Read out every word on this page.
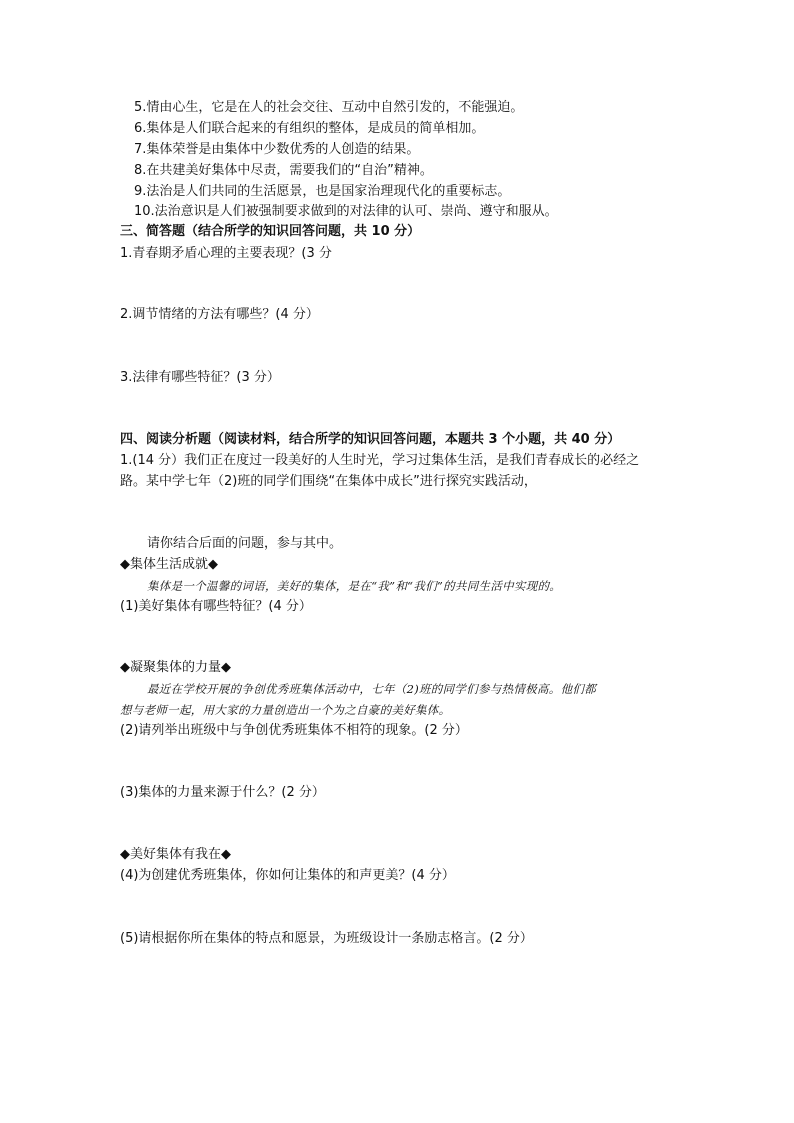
5.情由心生，它是在人的社会交往、互动中自然引发的，不能强迫。
6.集体是人们联合起来的有组织的整体，是成员的简单相加。
7.集体荣誉是由集体中少数优秀的人创造的结果。
8.在共建美好集体中尽责，需要我们的“自治”精神。
9.法治是人们共同的生活愿景，也是国家治理现代化的重要标志。
10.法治意识是人们被强制要求做到的对法律的认可、崇尚、遵守和服从。
三、简答题（结合所学的知识回答问题，共 10 分）
1.青春期矛盾心理的主要表现？(3 分
2.调节情绪的方法有哪些？(4 分）
3.法律有哪些特征？(3 分）
四、阅读分析题（阅读材料，结合所学的知识回答问题，本题共 3 个小题，共 40 分）
1.(14 分）我们正在度过一段美好的人生时光，学习过集体生活，是我们青春成长的必经之
路。某中学七年（2)班的同学们围绕“在集体中成长”进行探究实践活动，
请你结合后面的问题，参与其中。
◆集体生活成就◆
集体是一个温馨的词语，美好的集体，是在“我”和“我们”的共同生活中实现的。
(1)美好集体有哪些特征？(4 分）
◆凝聚集体的力量◆
最近在学校开展的争创优秀班集体活动中，七年（2)班的同学们参与热情极高。他们都
想与老师一起，用大家的力量创造出一个为之自豪的美好集体。
(2)请列举出班级中与争创优秀班集体不相符的现象。(2 分）
(3)集体的力量来源于什么？(2 分）
◆美好集体有我在◆
(4)为创建优秀班集体，你如何让集体的和声更美？(4 分）
(5)请根据你所在集体的特点和愿景，为班级设计一条励志格言。(2 分）
